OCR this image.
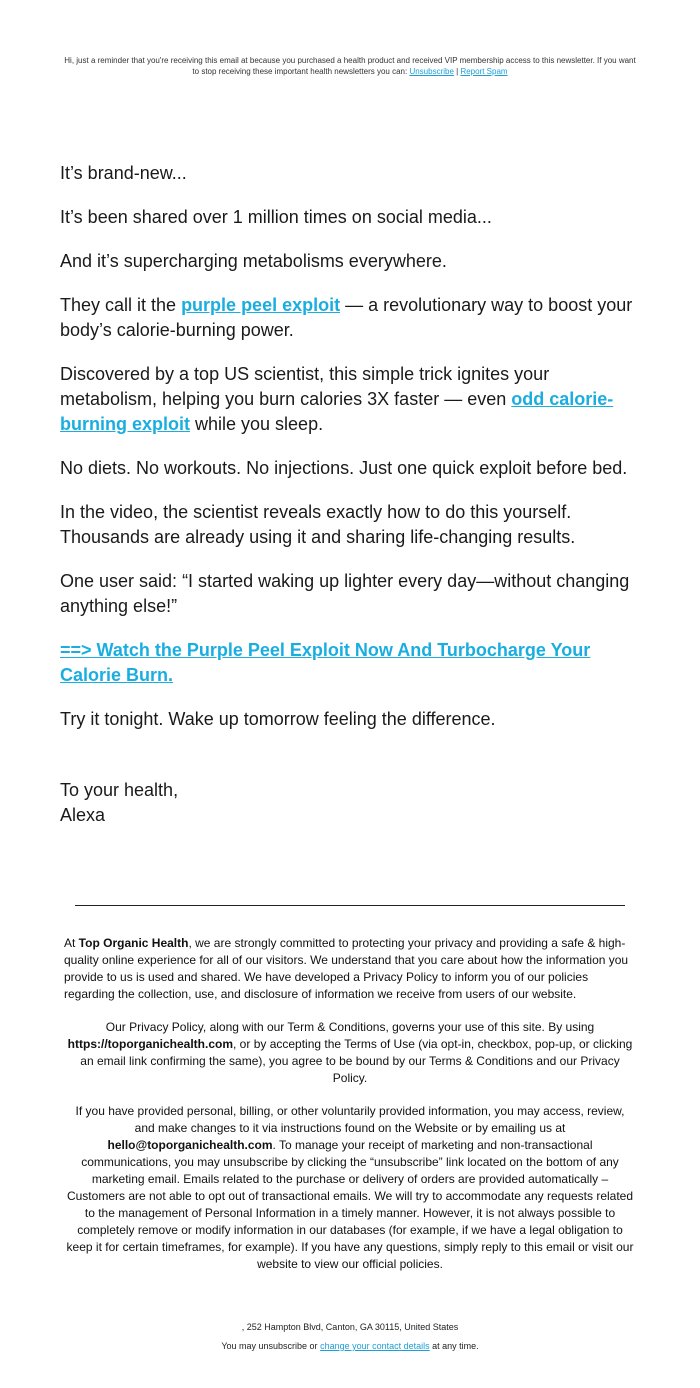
Hi, just a reminder that you're receiving this email at because you purchased a health product and received VIP membership access to this newsletter. If you want to stop receiving these important health newsletters you can: Unsubscribe | Report Spam

It’s brand-new...

It’s been shared over 1 million times on social media...

And it’s supercharging metabolisms everywhere.

They call it the purple peel exploit — a revolutionary way to boost your body’s calorie-burning power.

Discovered by a top US scientist, this simple trick ignites your metabolism, helping you burn calories 3X faster — even odd calorie-burning exploit while you sleep.

No diets. No workouts. No injections. Just one quick exploit before bed.

In the video, the scientist reveals exactly how to do this yourself. Thousands are already using it and sharing life-changing results.

One user said: “I started waking up lighter every day—without changing anything else!”

==> Watch the Purple Peel Exploit Now And Turbocharge Your Calorie Burn.

Try it tonight. Wake up tomorrow feeling the difference.

To your health,
Alexa

At Top Organic Health, we are strongly committed to protecting your privacy and providing a safe & high-quality online experience for all of our visitors. We understand that you care about how the information you provide to us is used and shared. We have developed a Privacy Policy to inform you of our policies regarding the collection, use, and disclosure of information we receive from users of our website.
Our Privacy Policy, along with our Term & Conditions, governs your use of this site. By using https://toporganichealth.com, or by accepting the Terms of Use (via opt-in, checkbox, pop-up, or clicking an email link confirming the same), you agree to be bound by our Terms & Conditions and our Privacy Policy.
If you have provided personal, billing, or other voluntarily provided information, you may access, review, and make changes to it via instructions found on the Website or by emailing us at hello@toporganichealth.com. To manage your receipt of marketing and non-transactional communications, you may unsubscribe by clicking the “unsubscribe” link located on the bottom of any marketing email. Emails related to the purchase or delivery of orders are provided automatically – Customers are not able to opt out of transactional emails. We will try to accommodate any requests related to the management of Personal Information in a timely manner. However, it is not always possible to completely remove or modify information in our databases (for example, if we have a legal obligation to keep it for certain timeframes, for example). If you have any questions, simply reply to this email or visit our website to view our official policies.
, 252 Hampton Blvd, Canton, GA 30115, United States
You may unsubscribe or change your contact details at any time.
